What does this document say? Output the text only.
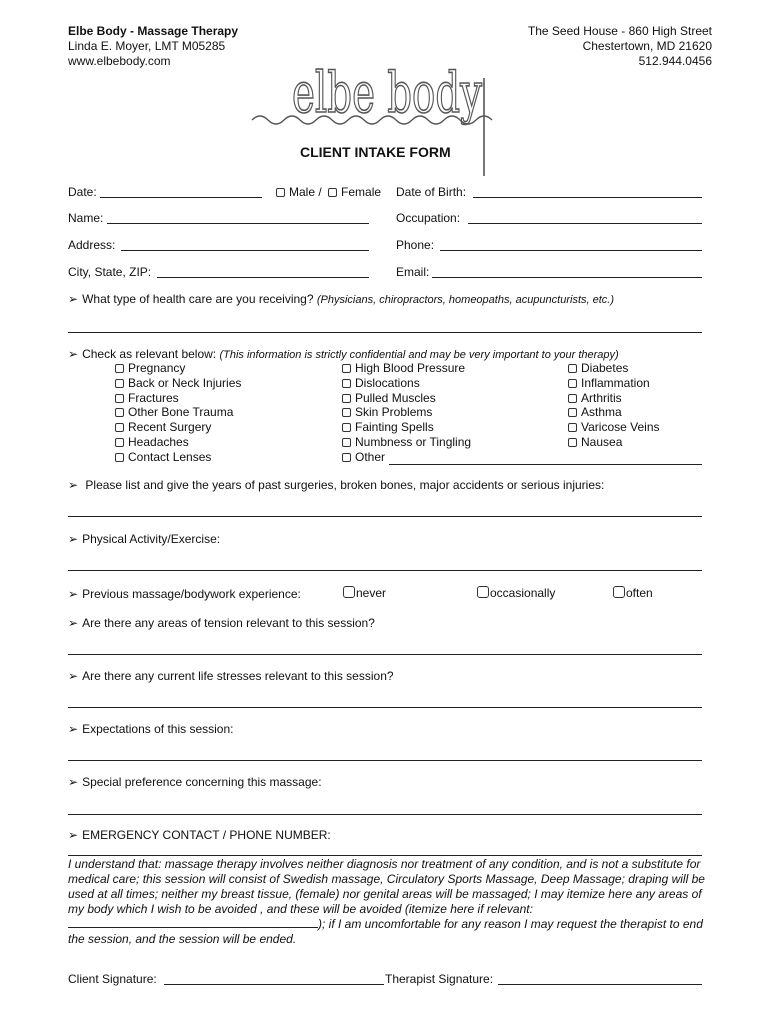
Elbe Body - Massage Therapy
Linda E. Moyer, LMT M05285
www.elbebody.com
The Seed House - 860 High Street
Chestertown, MD 21620
512.944.0456
elbe body
CLIENT INTAKE FORM
Date:	Male / Female Date of Birth:
Name:	Occupation:
Address:	Phone:
City, State, ZIP:	Email:
➢ What type of health care are you receiving? (Physicians, chiropractors, homeopaths, acupuncturists, etc.)
➢ Check as relevant below: (This information is strictly confidential and may be very important to your therapy)
Pregnancy
Back or Neck Injuries
Fractures
Other Bone Trauma
Recent Surgery
Headaches
Contact Lenses
High Blood Pressure
Dislocations
Pulled Muscles
Skin Problems
Fainting Spells
Numbness or Tingling
Other
Diabetes
Inflammation
Arthritis
Asthma
Varicose Veins
Nausea
➢ Please list and give the years of past surgeries, broken bones, major accidents or serious injuries:
➢ Physical Activity/Exercise:
➢ Previous massage/bodywork experience:	never	occasionally	often
➢ Are there any areas of tension relevant to this session?
➢ Are there any current life stresses relevant to this session?
➢ Expectations of this session:
➢ Special preference concerning this massage:
➢ EMERGENCY CONTACT / PHONE NUMBER:
I understand that: massage therapy involves neither diagnosis nor treatment of any condition, and is not a substitute for medical care; this session will consist of Swedish massage, Circulatory Sports Massage, Deep Massage; draping will be used at all times; neither my breast tissue, (female) nor genital areas will be massaged; I may itemize here any areas of my body which I wish to be avoided , and these will be avoided (itemize here if relevant:); if I am uncomfortable for any reason I may request the therapist to end the session, and the session will be ended.
Client Signature:	Therapist Signature:
